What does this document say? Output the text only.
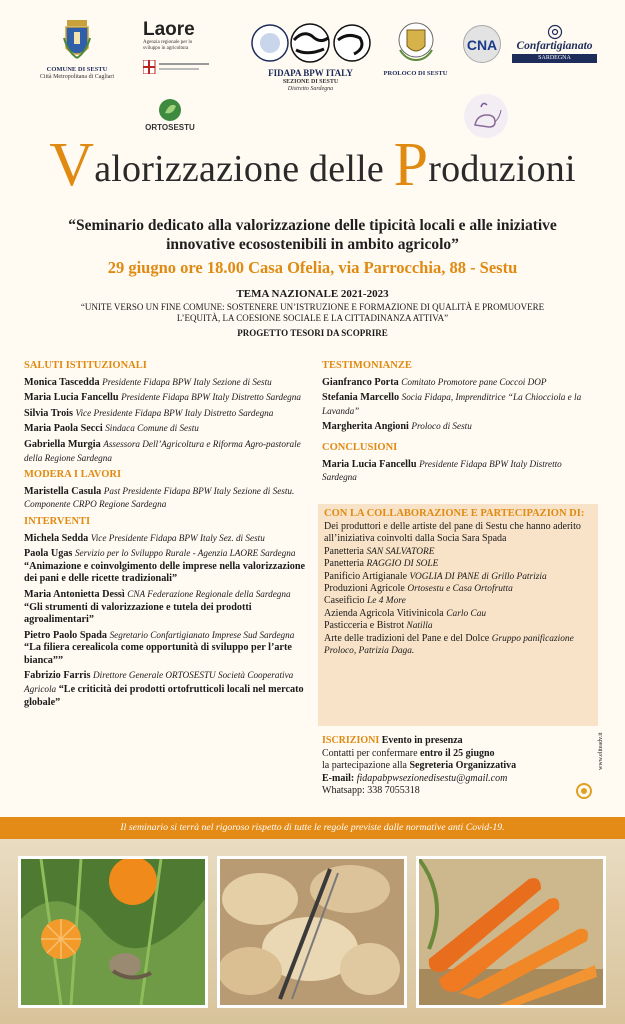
COMUNE DI SESTU
Città Metropolitana di Cagliari
Laore
Agenzia regionale per lo sviluppo in agricoltura
FIDAPA BPW ITALY
SEZIONE DI SESTU
Distretto Sardegna
PROLOCO DI SESTU
CNA	Confartigianato
SARDEGNA
ORTOSESTU
Valorizzazione delle Produzioni
“Seminario dedicato alla valorizzazione delle tipicità locali e alle iniziative innovative ecosostenibili in ambito agricolo”
29 giugno ore 18.00 Casa Ofelia, via Parrocchia, 88 - Sestu
TEMA NAZIONALE 2021-2023
“UNITE VERSO UN FINE COMUNE: SOSTENERE UN’ISTRUZIONE E FORMAZIONE DI QUALITÀ E PROMUOVERE L’EQUITÀ, LA COESIONE SOCIALE E LA CITTADINANZA ATTIVA”
PROGETTO TESORI DA SCOPRIRE
SALUTI ISTITUZIONALI
Monica Tascedda Presidente Fidapa BPW Italy Sezione di Sestu
Maria Lucia Fancellu Presidente Fidapa BPW Italy Distretto Sardegna
Silvia Trois Vice Presidente Fidapa BPW Italy Distretto Sardegna
Maria Paola Secci Sindaca Comune di Sestu
Gabriella Murgia Assessora Dell’Agricoltura e Riforma Agro-pastorale della Regione Sardegna
MODERA I LAVORI
Maristella Casula Past Presidente Fidapa BPW Italy Sezione di Sestu. Componente CRPO Regione Sardegna
INTERVENTI
Michela Sedda Vice Presidente Fidapa BPW Italy Sez. di Sestu
Paola Ugas Servizio per lo Sviluppo Rurale - Agenzia LAORE Sardegna “Animazione e coinvolgimento delle imprese nella valorizzazione dei pani e delle ricette tradizionali”
Maria Antonietta Dessì CNA Federazione Regionale della Sardegna “Gli strumenti di valorizzazione e tutela dei prodotti agroalimentari”
Pietro Paolo Spada Segretario Confartigianato Imprese Sud Sardegna “La filiera cerealicola come opportunità di sviluppo per l’arte bianca””
Fabrizio Farris Direttore Generale ORTOSESTU Società Cooperativa Agricola “Le criticità dei prodotti ortofrutticoli locali nel mercato globale”
TESTIMONIANZE
Gianfranco Porta Comitato Promotore pane Coccoi DOP
Stefania Marcello Socia Fidapa, Imprenditrice “La Chiocciola e la Lavanda”
Margherita Angioni Proloco di Sestu
CONCLUSIONI
Maria Lucia Fancellu Presidente Fidapa BPW Italy Distretto Sardegna
CON LA COLLABORAZIONE E PARTECIPAZION DI:
Dei produttori e delle artiste del pane di Sestu che hanno aderito all’iniziativa coinvolti dalla Socia Sara Spada
Panetteria SAN SALVATORE
Panetteria RAGGIO DI SOLE
Panificio Artigianale VOGLIA DI PANE di Grillo Patrizia
Produzioni Agricole Ortosestu e Casa Ortofrutta
Caseificio Le 4 More
Azienda Agricola Vitivinicola Carlo Cau
Pasticceria e Bistrot Natilla
Arte delle tradizioni del Pane e del Dolce Gruppo panificazione Proloco, Patrizia Daga.
ISCRIZIONI Evento in presenza
Contatti per confermare entro il 25 giugno
la partecipazione alla Segreteria Organizzativa
E-mail: fidapabpwsezionedisestu@gmail.com
Whatsapp: 338 7055318
www.eliteadv.it
Il seminario si terrà nel rigoroso rispetto di tutte le regole previste dalle normative anti Covid-19.
